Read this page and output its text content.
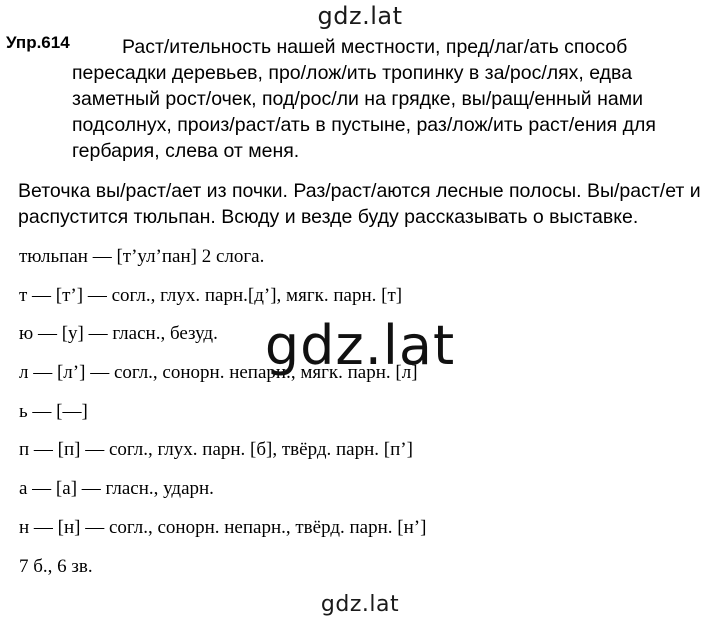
gdz.lat
Упр.614	Раст/ительность нашей местности, пред/лаг/ать способ
пересадки деревьев, про/лож/ить тропинку в за/рос/лях, едва
заметный рост/очек, под/рос/ли на грядке, вы/ращ/енный нами
подсолнух, произ/раст/ать в пустыне, раз/лож/ить раст/ения для
гербария, слева от меня.
Веточка вы/раст/ает из почки. Раз/раст/аются лесные полосы. Вы/раст/ет и
распустится тюльпан. Всюду и везде буду рассказывать о выставке.
тюльпан — [т’ул’пан] 2 слога.
т — [т’] — согл., глух. парн.[д’], мягк. парн. [т]
ю — [у] — гласн., безуд.
л — [л’] — согл., сонорн. непарн., мягк. парн. [л]
ь — [—]
п — [п] — согл., глух. парн. [б], твёрд. парн. [п’]
а — [а] — гласн., ударн.
н — [н] — согл., сонорн. непарн., твёрд. парн. [н’]
7 б., 6 зв.
gdz.lat
gdz.lat
